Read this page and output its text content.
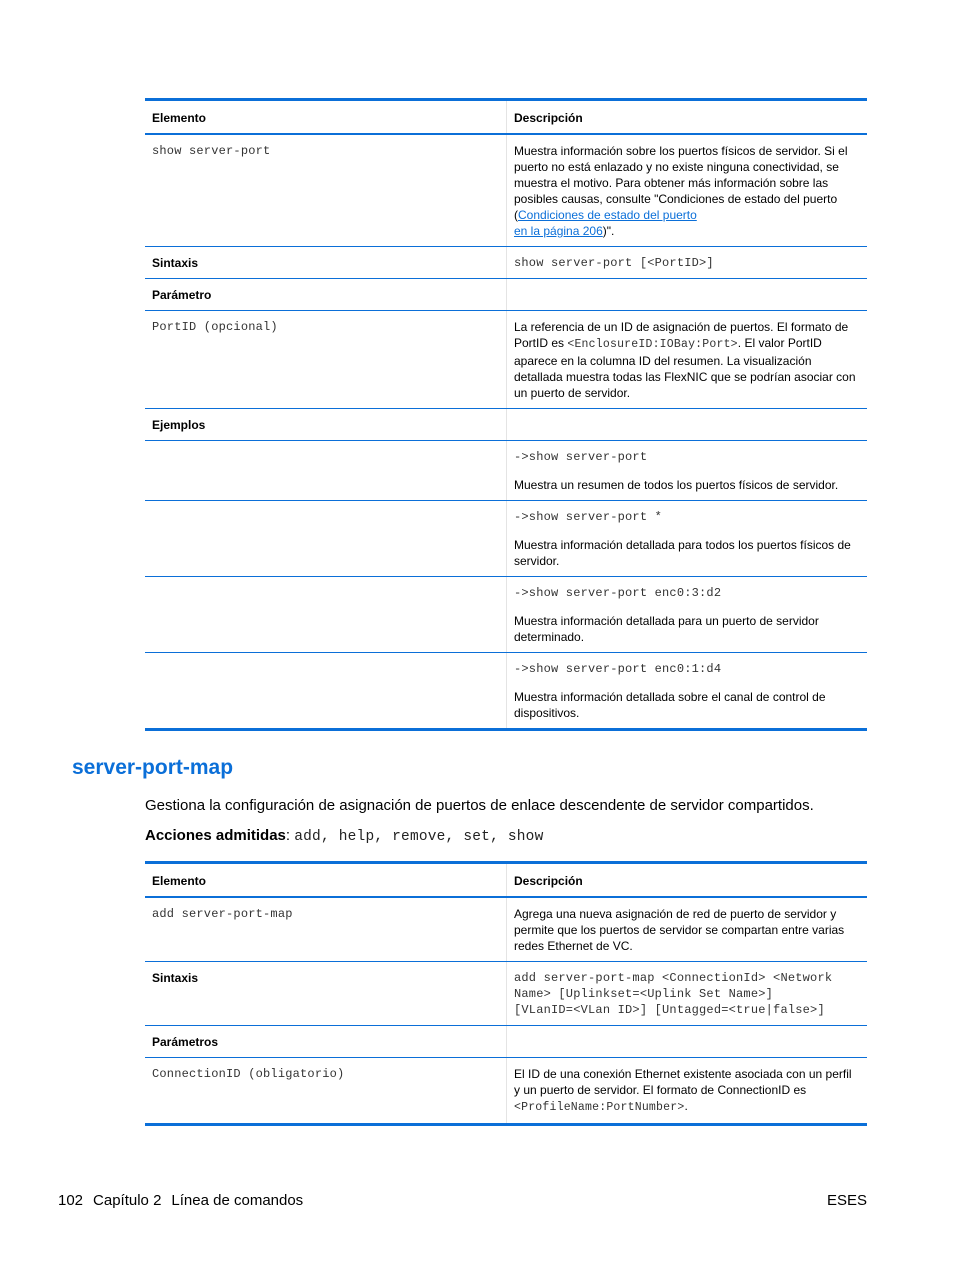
Elemento	Descripción
show server-port	Muestra información sobre los puertos físicos de servidor. Si el puerto no está enlazado y no existe ninguna conectividad, se muestra el motivo. Para obtener más información sobre las posibles causas, consulte "Condiciones de estado del puerto (Condiciones de estado del puerto
en la página 206)".
Sintaxis	show server-port [<PortID>]
Parámetro	
PortID (opcional)	La referencia de un ID de asignación de puertos. El formato de PortID es <EnclosureID:IOBay:Port>. El valor PortID aparece en la columna ID del resumen. La visualización detallada muestra todas las FlexNIC que se podrían asociar con un puerto de servidor.
Ejemplos	

	->show server-port
Muestra un resumen de todos los puertos físicos de servidor.

	->show server-port *
Muestra información detallada para todos los puertos físicos de servidor.

	->show server-port enc0:3:d2
Muestra información detallada para un puerto de servidor determinado.

	->show server-port enc0:1:d4
Muestra información detallada sobre el canal de control de dispositivos.
server-port-map

Gestiona la configuración de asignación de puertos de enlace descendente de servidor compartidos.

Acciones admitidas: add, help, remove, set, show

Elemento	Descripción
add server-port-map	Agrega una nueva asignación de red de puerto de servidor y permite que los puertos de servidor se compartan entre varias redes Ethernet de VC.
Sintaxis	add server-port-map <ConnectionId> <Network
Name> [Uplinkset=<Uplink Set Name>]
[VLanID=<VLan ID>] [Untagged=<true|false>]
Parámetros	
ConnectionID (obligatorio)	El ID de una conexión Ethernet existente asociada con un perfil y un puerto de servidor. El formato de ConnectionID es <ProfileName:PortNumber>.
102 Capítulo 2 Línea de comandos	ESES
